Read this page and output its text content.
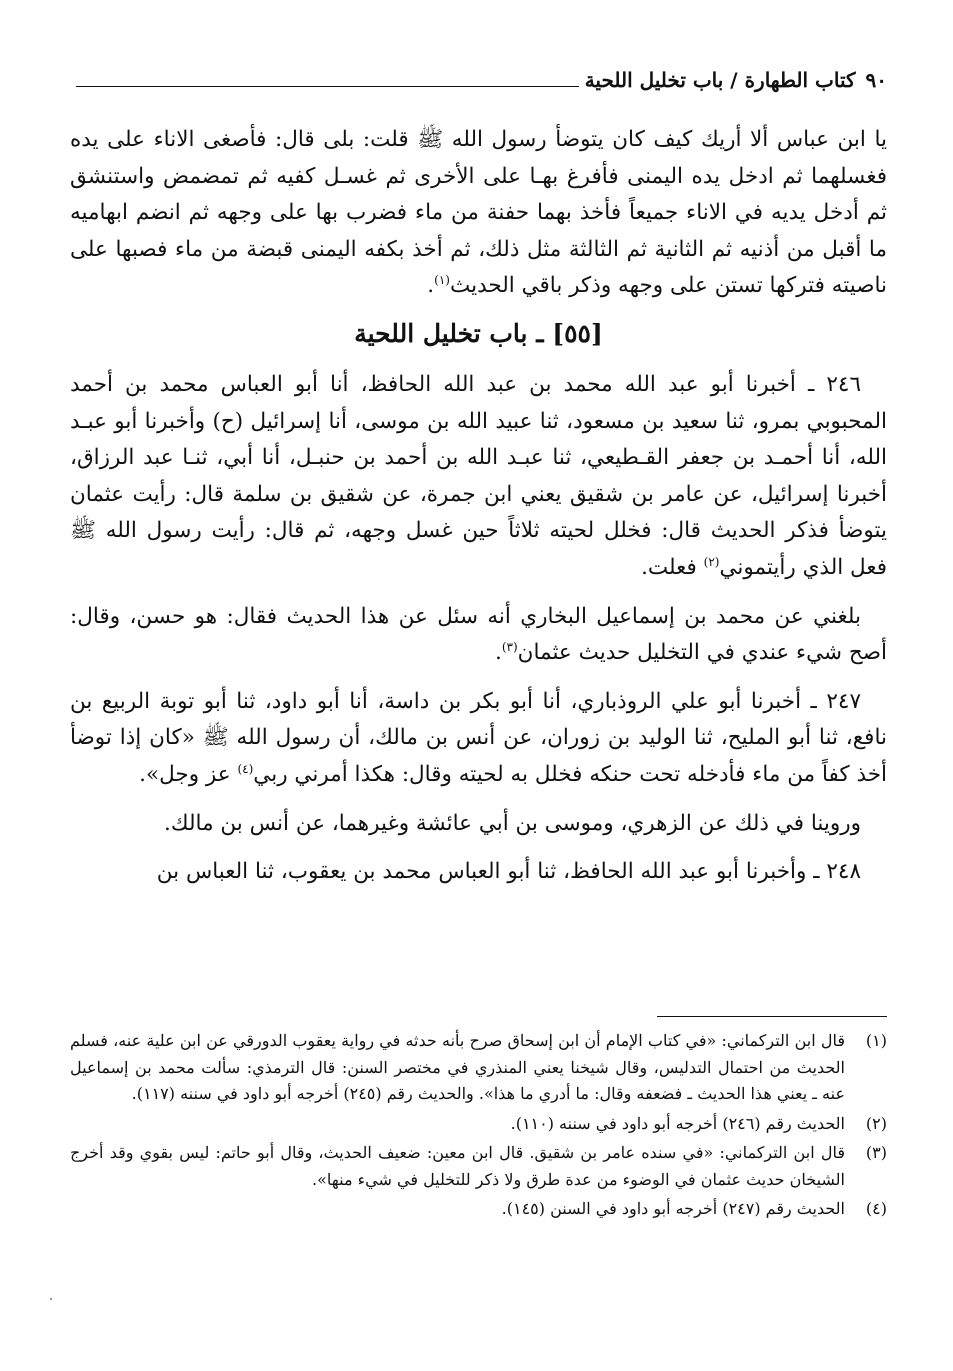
٩٠
كتاب الطهارة / باب تخليل اللحية

يا ابن عباس ألا أريك كيف كان يتوضأ رسول الله ﷺ قلت: بلى قال: فأصغى الاناء على يده فغسلهما ثم ادخل يده اليمنى فأفرغ بهـا على الأخرى ثم غسـل كفيه ثم تمضمض واستنشق ثم أدخل يديه في الاناء جميعاً فأخذ بهما حفنة من ماء فضرب بها على وجهه ثم انضم ابهاميه ما أقبل من أذنيه ثم الثانية ثم الثالثة مثل ذلك، ثم أخذ بكفه اليمنى قبضة من ماء فصبها على ناصيته فتركها تستن على وجهه وذكر باقي الحديث$^{(١)}$.

[٥٥] ـ باب تخليل اللحية

٢٤٦ ـ أخبرنا أبو عبد الله محمد بن عبد الله الحافظ، أنا أبو العباس محمد بن أحمد المحبوبي بمرو، ثنا سعيد بن مسعود، ثنا عبيد الله بن موسى، أنا إسرائيل (ح) وأخبرنا أبو عبـد الله، أنا أحمـد بن جعفر القـطيعي، ثنا عبـد الله بن أحمد بن حنبـل، أنا أبي، ثنـا عبد الرزاق، أخبرنا إسرائيل، عن عامر بن شقيق يعني ابن جمرة، عن شقيق بن سلمة قال: رأيت عثمان يتوضأ فذكر الحديث قال: فخلل لحيته ثلاثاً حين غسل وجهه، ثم قال: رأيت رسول الله ﷺ فعل الذي رأيتموني$^{(٢)}$ فعلت.

بلغني عن محمد بن إسماعيل البخاري أنه سئل عن هذا الحديث فقال: هو حسن، وقال: أصح شيء عندي في التخليل حديث عثمان$^{(٣)}$.

٢٤٧ ـ أخبرنا أبو علي الروذباري، أنا أبو بكر بن داسة، أنا أبو داود، ثنا أبو توبة الربيع بن نافع، ثنا أبو المليح، ثنا الوليد بن زوران، عن أنس بن مالك، أن رسول الله ﷺ «كان إذا توضأ أخذ كفاً من ماء فأدخله تحت حنكه فخلل به لحيته وقال: هكذا أمرني ربي$^{(٤)}$ عز وجل».

وروينا في ذلك عن الزهري، وموسى بن أبي عائشة وغيرهما، عن أنس بن مالك.

٢٤٨ ـ وأخبرنا أبو عبد الله الحافظ، ثنا أبو العباس محمد بن يعقوب، ثنا العباس بن

(١)
قال ابن التركماني: «في كتاب الإمام أن ابن إسحاق صرح بأنه حدثه في رواية يعقوب الدورقي عن ابن علية عنه، فسلم الحديث من احتمال التدليس، وقال شيخنا يعني المنذري في مختصر السنن: قال الترمذي: سألت محمد بن إسماعيل عنه ـ يعني هذا الحديث ـ فضعفه وقال: ما أدري ما هذا». والحديث رقم (٢٤٥) أخرجه أبو داود في سننه (١١٧).
(٢)
الحديث رقم (٢٤٦) أخرجه أبو داود في سننه (١١٠).
(٣)
قال ابن التركماني: «في سنده عامر بن شقيق. قال ابن معين: ضعيف الحديث، وقال أبو حاتم: ليس بقوي وقد أخرج الشيخان حديث عثمان في الوضوء من عدة طرق ولا ذكر للتخليل في شيء منها».
(٤)
الحديث رقم (٢٤٧) أخرجه أبو داود في السنن (١٤٥).
